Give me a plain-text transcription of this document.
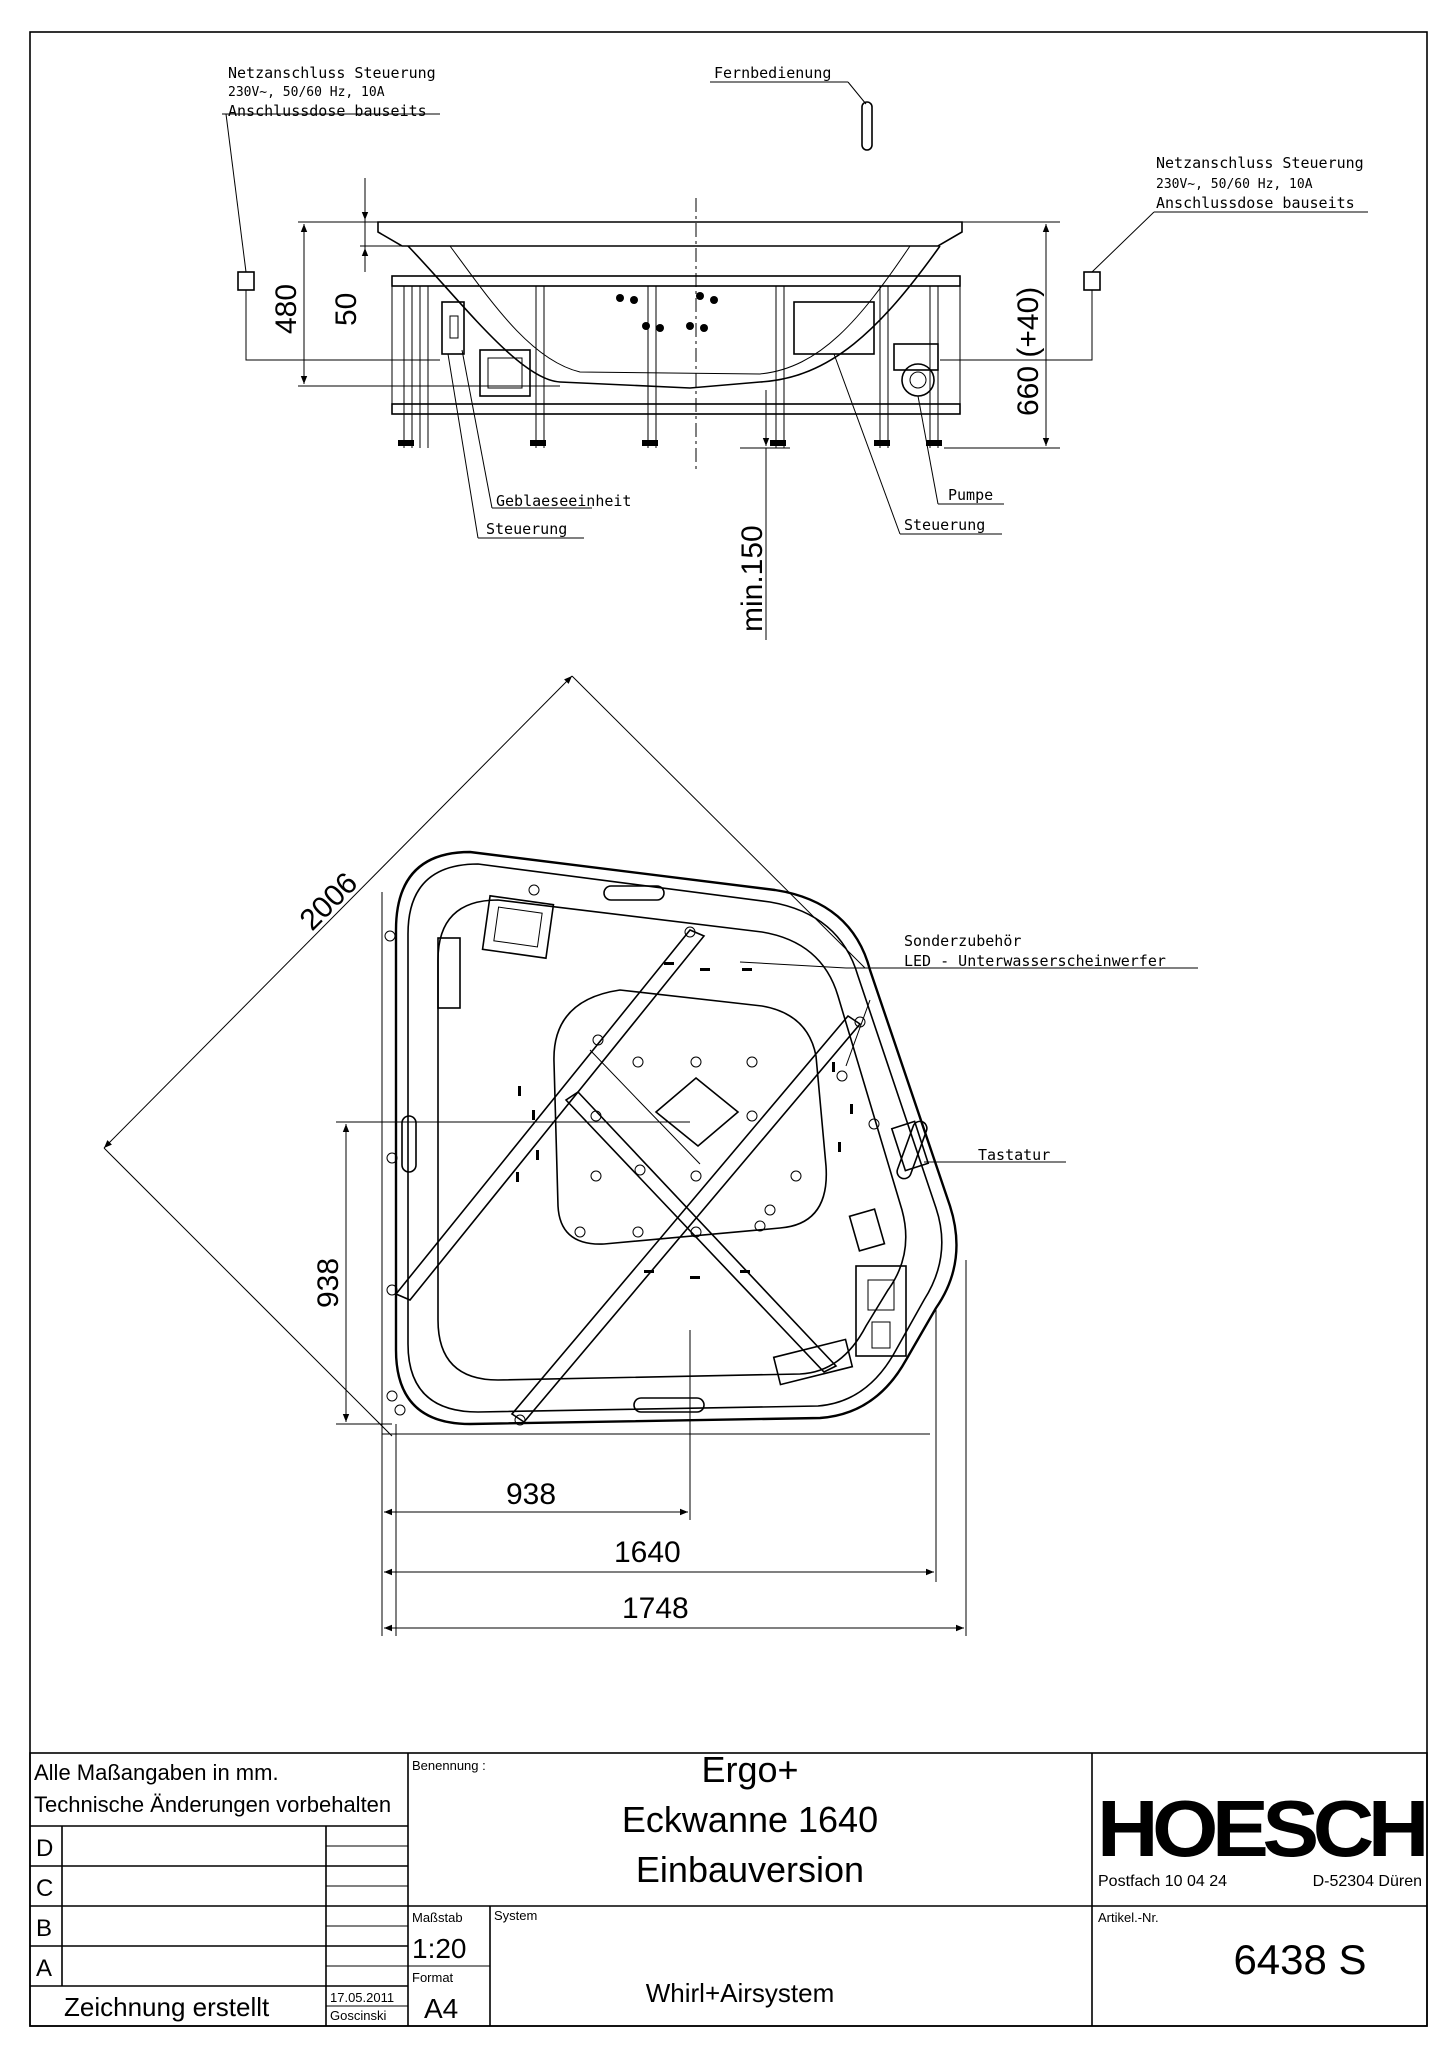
Netzanschluss Steuerung
230V~, 50/60 Hz, 10A
Anschlussdose bauseits
Netzanschluss Steuerung
230V~, 50/60 Hz, 10A
Anschlussdose bauseits
Fernbedienung
Geblaeseeinheit
Steuerung
Pumpe
Steuerung
480 50	660 (+40)
min.150
Sonderzubehör
LED - Unterwasserscheinwerfer
Tastatur
2006
938
938
1640
1748
Alle Maßangaben in mm.
Technische Änderungen vorbehalten
D
C
B
A
Zeichnung erstellt	17.05.2011
Goscinski
Benennung :	Ergo+
Eckwanne 1640
Einbauversion
Maßstab
1:20
Format
A4
System
Whirl+Airsystem
HOESCH
Postfach 10 04 24	D-52304 Düren
Artikel.-Nr.
6438 S
